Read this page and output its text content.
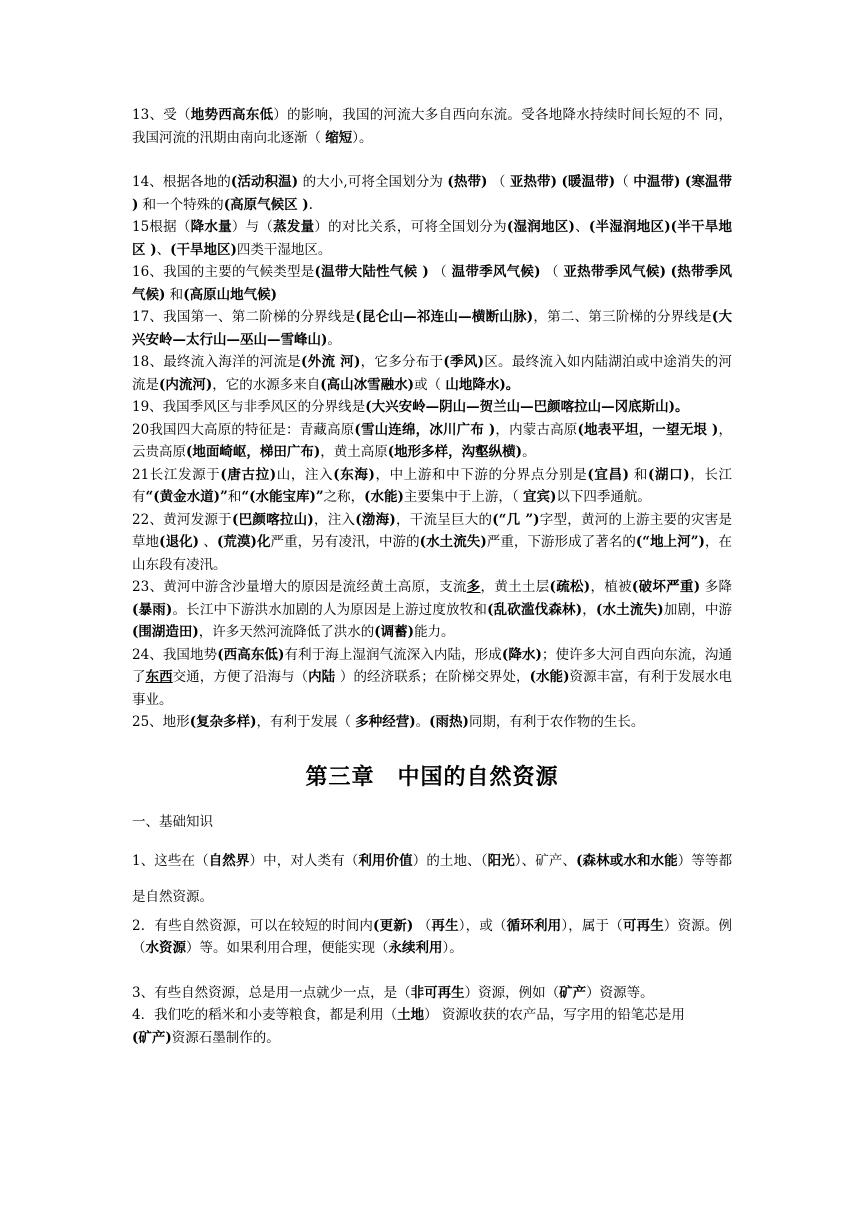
13、受（地势西高东低）的影响，我国的河流大多自西向东流。受各地降水持续时间长短的不 同，我国河流的汛期由南向北逐渐（ 缩短）。

14、根据各地的(活动积温) 的大小,可将全国划分为 (热带) （ 亚热带) (暖温带)（ 中温带) (寒温带 ) 和一个特殊的(高原气候区 ).

15根据（降水量）与（蒸发量）的对比关系，可将全国划分为(湿润地区)、(半湿润地区)(半干旱地区 )、(干旱地区)四类干湿地区。

16、我国的主要的气候类型是(温带大陆性气候 ) （ 温带季风气候) （ 亚热带季风气候) (热带季风气候) 和(高原山地气候)

17、我国第一、第二阶梯的分界线是(昆仑山—祁连山—横断山脉)，第二、第三阶梯的分界线是(大兴安岭—太行山—巫山—雪峰山)。

18、最终流入海洋的河流是(外流 河)，它多分布于(季风)区。最终流入如内陆湖泊或中途消失的河流是(内流河)，它的水源多来自(高山冰雪融水)或（ 山地降水)。

19、我国季风区与非季风区的分界线是(大兴安岭—阴山—贺兰山—巴颜喀拉山—冈底斯山)。

20我国四大高原的特征是：青藏高原(雪山连绵，冰川广布 )，内蒙古高原(地表平坦，一望无垠 )，云贵高原(地面崎岖，梯田广布)，黄土高原(地形多样，沟壑纵横)。

21长江发源于(唐古拉)山，注入(东海)，中上游和中下游的分界点分别是(宜昌) 和(湖口)，长江有“(黄金水道)”和“(水能宝库)”之称，(水能)主要集中于上游，（ 宜宾)以下四季通航。

22、黄河发源于(巴颜喀拉山)，注入(渤海)，干流呈巨大的(“几 ”)字型，黄河的上游主要的灾害是草地(退化) 、(荒漠)化严重，另有凌汛，中游的(水土流失)严重，下游形成了著名的(“地上河”)，在山东段有凌汛。

23、黄河中游含沙量增大的原因是流经黄土高原，支流多，黄土土层(疏松)，植被(破坏严重) 多降(暴雨)。长江中下游洪水加剧的人为原因是上游过度放牧和(乱砍滥伐森林)，(水土流失)加剧，中游(围湖造田)，许多天然河流降低了洪水的(调蓄)能力。

24、我国地势(西高东低)有利于海上湿润气流深入内陆，形成(降水)；使许多大河自西向东流，沟通了东西交通，方便了沿海与（内陆 ）的经济联系；在阶梯交界处，(水能)资源丰富，有利于发展水电事业。

25、地形(复杂多样)，有利于发展（ 多种经营)。(雨热)同期，有利于农作物的生长。

第三章　中国的自然资源
一、基础知识

1、这些在（自然界）中，对人类有（利用价值）的土地、（阳光）、矿产、(森林或水和水能）等等都是自然资源。

2．有些自然资源，可以在较短的时间内(更新) （再生），或（循环利用），属于（可再生）资源。例（水资源）等。如果利用合理，便能实现（永续利用）。

3、有些自然资源，总是用一点就少一点，是（非可再生）资源，例如（矿产）资源等。

4．我们吃的稻米和小麦等粮食，都是利用（土地） 资源收获的农产品，写字用的铅笔芯是用

(矿产)资源石墨制作的。
